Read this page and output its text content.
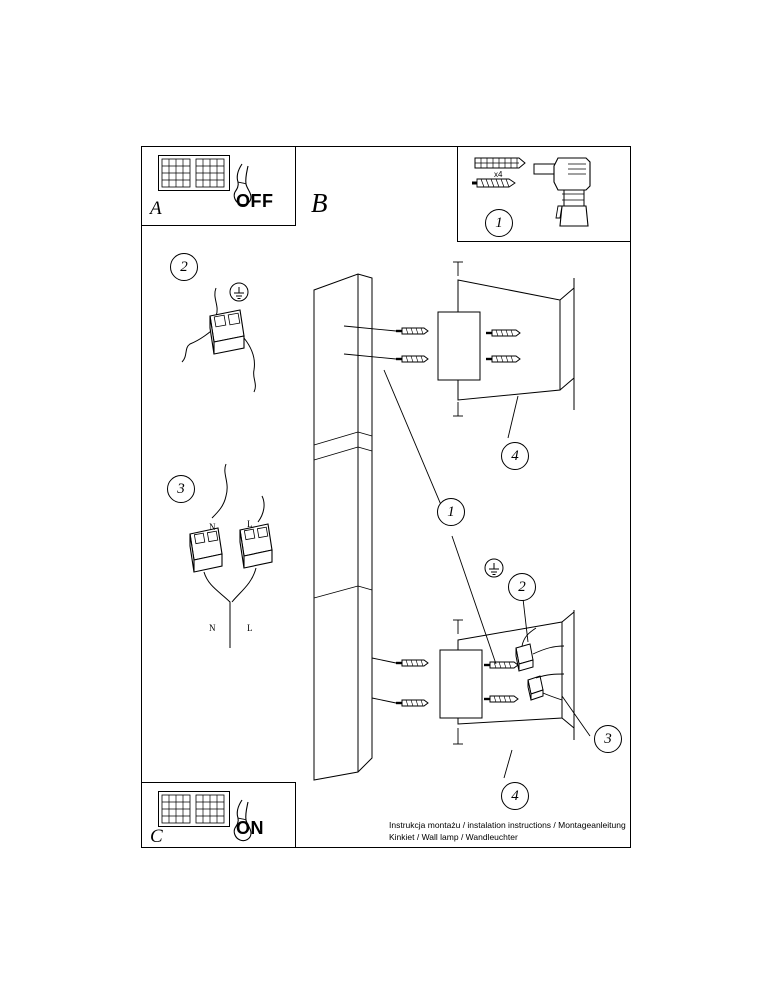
A	OFF B
x4
1
2
3
N	L
N	L
C	ON
1
2
3
4
4
Instrukcja montażu / instalation instructions / Montageanleitung
Kinkiet / Wall lamp / Wandleuchter
